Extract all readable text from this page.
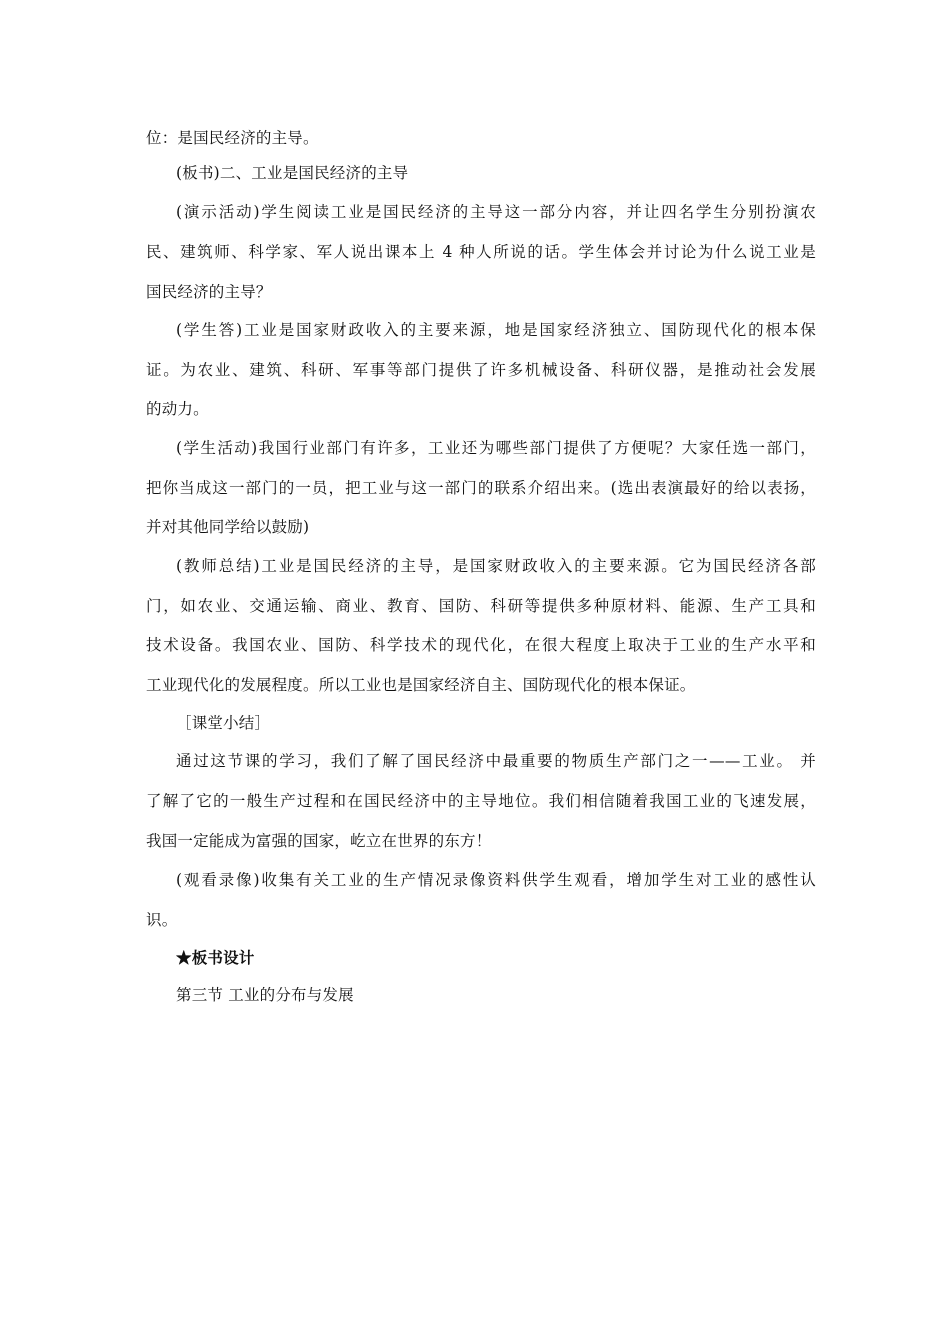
位：是国民经济的主导。
(板书)二、工业是国民经济的主导
(演示活动)学生阅读工业是国民经济的主导这一部分内容，并让四名学生分别扮演农
民、建筑师、科学家、军人说出课本上 4 种人所说的话。学生体会并讨论为什么说工业是
国民经济的主导？
(学生答)工业是国家财政收入的主要来源，地是国家经济独立、国防现代化的根本保
证。为农业、建筑、科研、军事等部门提供了许多机械设备、科研仪器，是推动社会发展
的动力。
(学生活动)我国行业部门有许多，工业还为哪些部门提供了方便呢？大家任选一部门，
把你当成这一部门的一员，把工业与这一部门的联系介绍出来。(选出表演最好的给以表扬，
并对其他同学给以鼓励)
(教师总结)工业是国民经济的主导，是国家财政收入的主要来源。它为国民经济各部
门，如农业、交通运输、商业、教育、国防、科研等提供多种原材料、能源、生产工具和
技术设备。我国农业、国防、科学技术的现代化，在很大程度上取决于工业的生产水平和
工业现代化的发展程度。所以工业也是国家经济自主、国防现代化的根本保证。
［课堂小结］
通过这节课的学习，我们了解了国民经济中最重要的物质生产部门之一——工业。 并
了解了它的一般生产过程和在国民经济中的主导地位。我们相信随着我国工业的飞速发展，
我国一定能成为富强的国家，屹立在世界的东方！
(观看录像)收集有关工业的生产情况录像资料供学生观看，增加学生对工业的感性认
识。
★板书设计
第三节 工业的分布与发展
